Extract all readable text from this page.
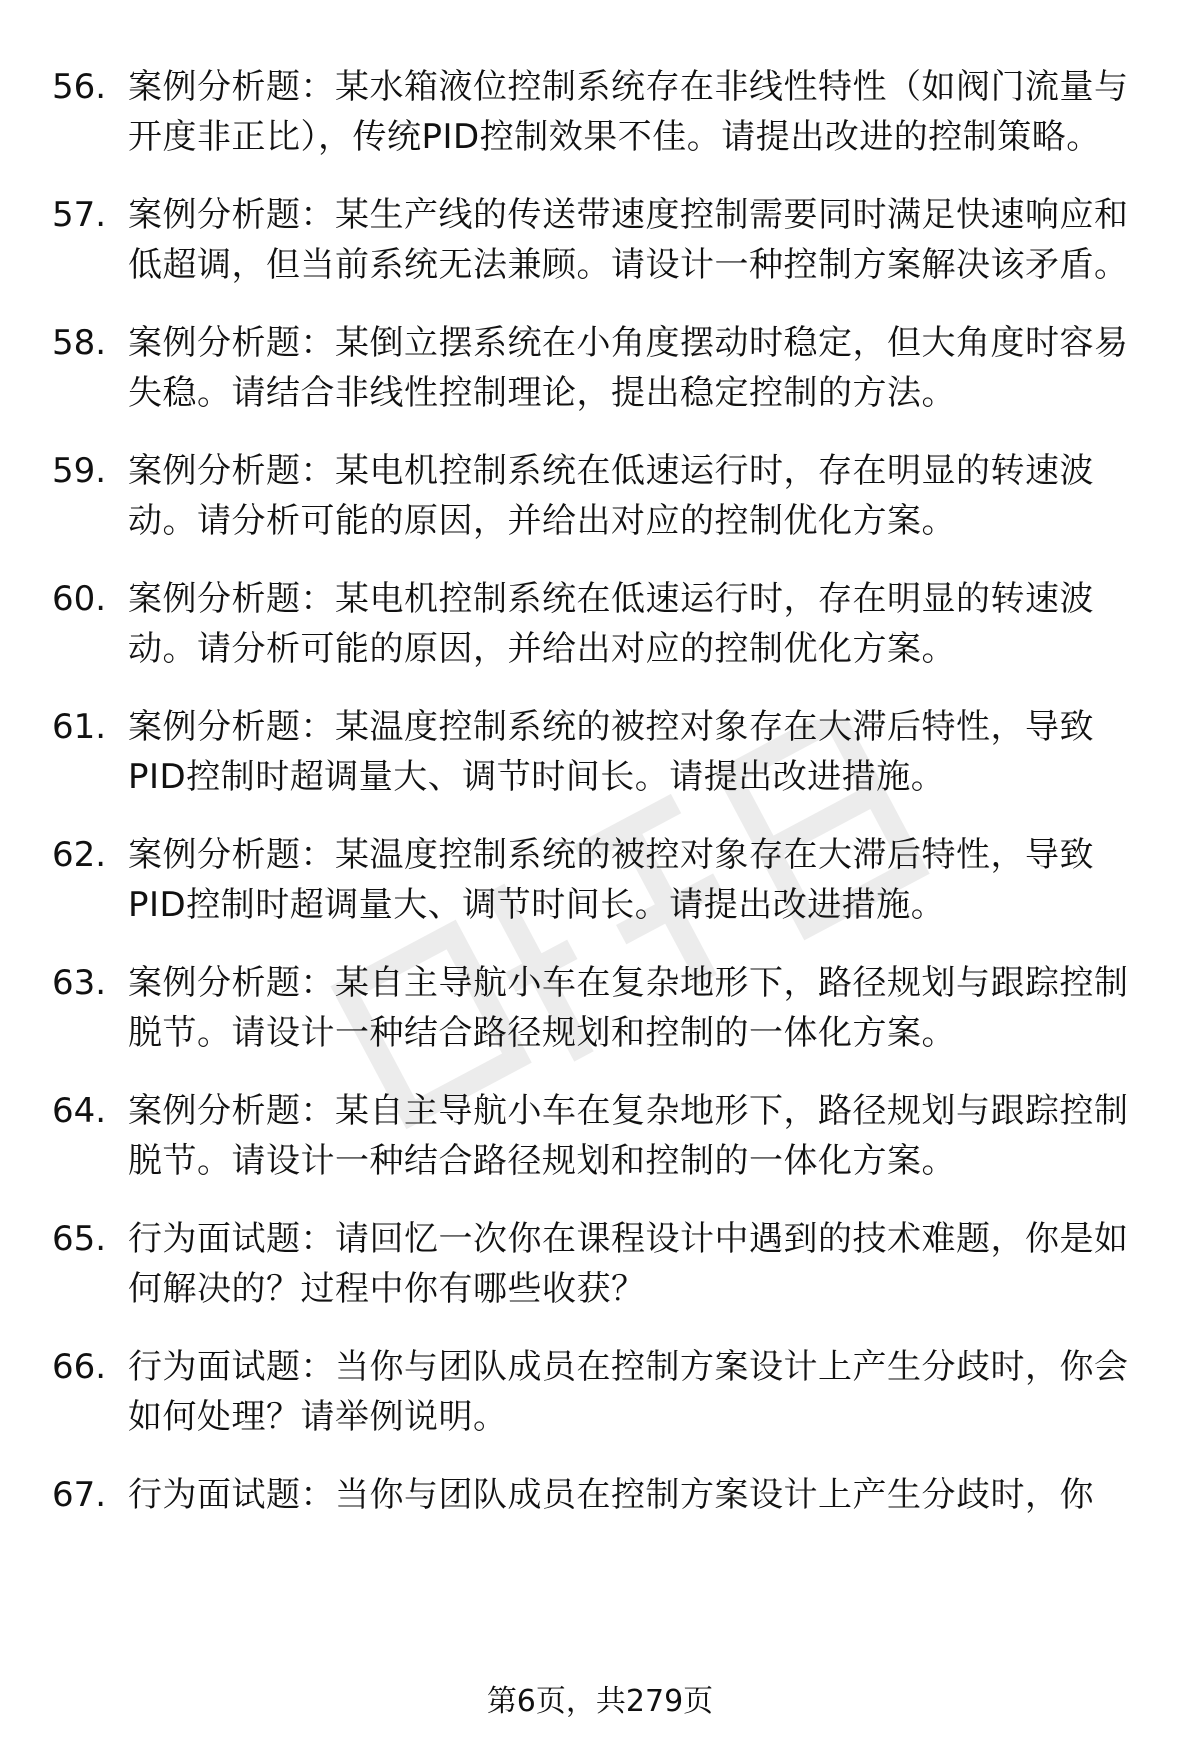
56. 案例分析题：某水箱液位控制系统存在非线性特性（如阀门流量与开度非正比），传统PID控制效果不佳。请提出改进的控制策略。
57. 案例分析题：某生产线的传送带速度控制需要同时满足快速响应和低超调，但当前系统无法兼顾。请设计一种控制方案解决该矛盾。
58. 案例分析题：某倒立摆系统在小角度摆动时稳定，但大角度时容易失稳。请结合非线性控制理论，提出稳定控制的方法。
59. 案例分析题：某电机控制系统在低速运行时，存在明显的转速波动。请分析可能的原因，并给出对应的控制优化方案。
60. 案例分析题：某电机控制系统在低速运行时，存在明显的转速波动。请分析可能的原因，并给出对应的控制优化方案。
61. 案例分析题：某温度控制系统的被控对象存在大滞后特性，导致PID控制时超调量大、调节时间长。请提出改进措施。
62. 案例分析题：某温度控制系统的被控对象存在大滞后特性，导致PID控制时超调量大、调节时间长。请提出改进措施。
63. 案例分析题：某自主导航小车在复杂地形下，路径规划与跟踪控制脱节。请设计一种结合路径规划和控制的一体化方案。
64. 案例分析题：某自主导航小车在复杂地形下，路径规划与跟踪控制脱节。请设计一种结合路径规划和控制的一体化方案。
65. 行为面试题：请回忆一次你在课程设计中遇到的技术难题，你是如何解决的？过程中你有哪些收获？
66. 行为面试题：当你与团队成员在控制方案设计上产生分歧时，你会如何处理？请举例说明。
67. 行为面试题：当你与团队成员在控制方案设计上产生分歧时，你
第6页，共279页
